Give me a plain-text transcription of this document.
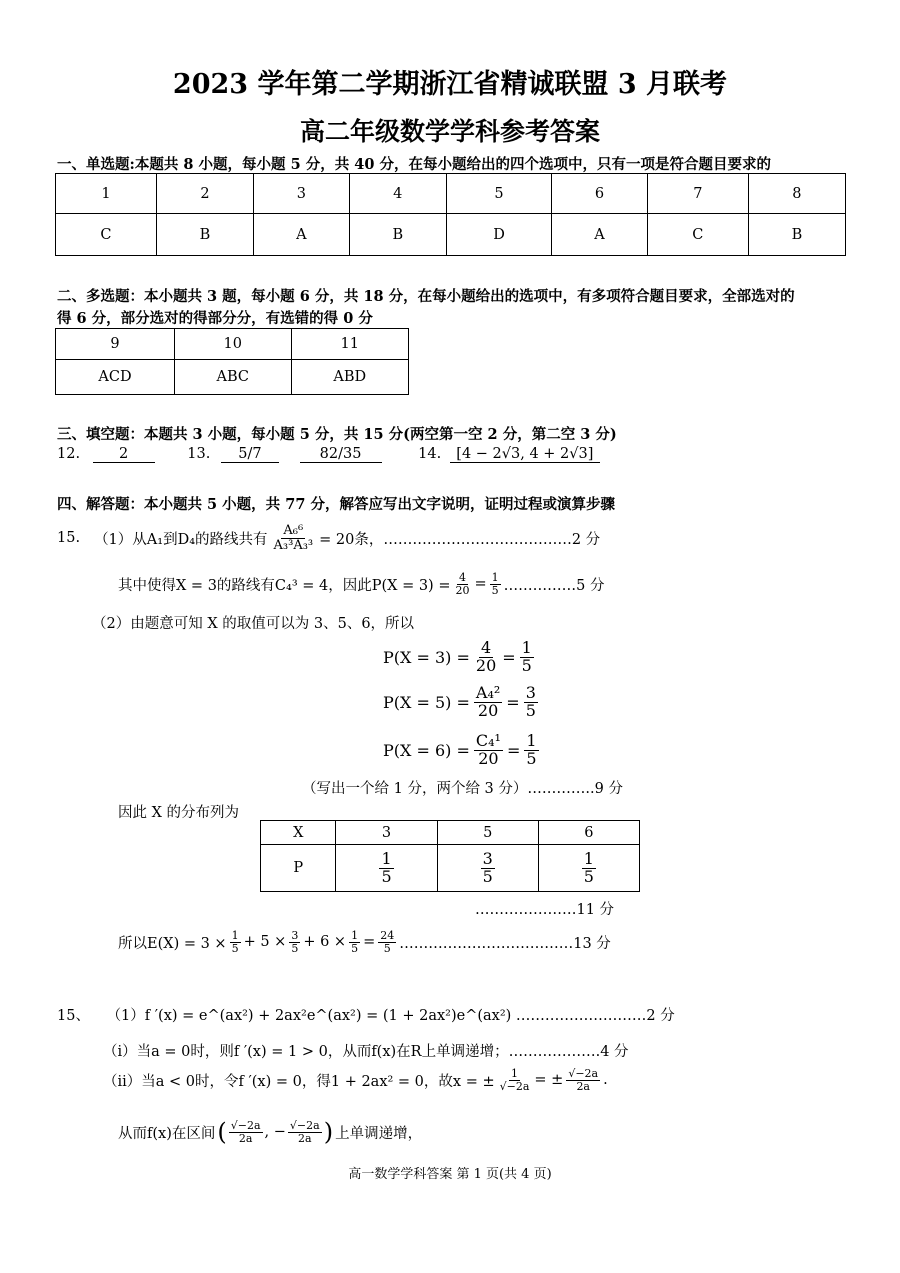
2023 学年第二学期浙江省精诚联盟 3 月联考
高二年级数学学科参考答案
一、单选题:本题共 8 小题，每小题 5 分，共 40 分，在每小题给出的四个选项中，只有一项是符合题目要求的
1	2	3	4	5	6	7	8
C	B	A	B	D	A	C	B
二、多选题：本小题共 3 题，每小题 6 分，共 18 分，在每小题给出的选项中，有多项符合题目要求，全部选对的
得 6 分，部分选对的得部分分，有选错的得 0 分
9	10	11
ACD	ABC	ABD
三、填空题：本题共 3 小题，每小题 5 分，共 15 分(两空第一空 2 分，第二空 3 分)
12.	2	13. 5/7	82/35	14. [4 − 2√3, 4 + 2√3]
四、解答题：本小题共 5 小题，共 77 分，解答应写出文字说明，证明过程或演算步骤
15. （1）从A₁到D₄的路线共有 $\frac{\text{A₆⁶}}{\text{A₃³A₃³}} = 20$条，…………………………………2 分
其中使得X = 3的路线有C₄³ = 4，因此$P(X = 3) = \frac{4}{20} = \frac{1}{5}$ ……………5 分
（2）由题意可知 X 的取值可以为 3、5、6，所以
$P(X = 3) = \frac{4}{20} = \frac{1}{5}$
$P(X = 5) = \frac{\text{A₄²}}{20} = \frac{3}{5}$
$P(X = 6) = \frac{\text{C₄¹}}{20} = \frac{1}{5}$
（写出一个给 1 分，两个给 3 分）…………..9 分
因此 X 的分布列为
X	3	5	6
P	$\frac{1}{5}$	$\frac{3}{5}$	$\frac{1}{5}$
…………………11 分
所以$E(X) = 3 \times \frac{1}{5} + 5 \times \frac{3}{5} + 6 \times \frac{1}{5} = \frac{24}{5}$ ………………………………13 分
15、 （1）f ′(x) = e^(ax²) + 2ax²e^(ax²) = (1 + 2ax²)e^(ax²) ………………………2 分
（i）当a = 0时，则f ′(x) = 1 > 0，从而f(x)在R上单调递增；……………….4 分
（ii）当a < 0时，令f ′(x) = 0，得1 + 2ax² = 0，故x = ± $\frac{1}{√-2a}$ = ± $\frac{√-2a}{2a}$ .
从而f(x)在区间 ( $\frac{√-2a}{2a}$ , − $\frac{√-2a}{2a}$ ) 上单调递增，
高一数学学科答案 第 1 页(共 4 页)
